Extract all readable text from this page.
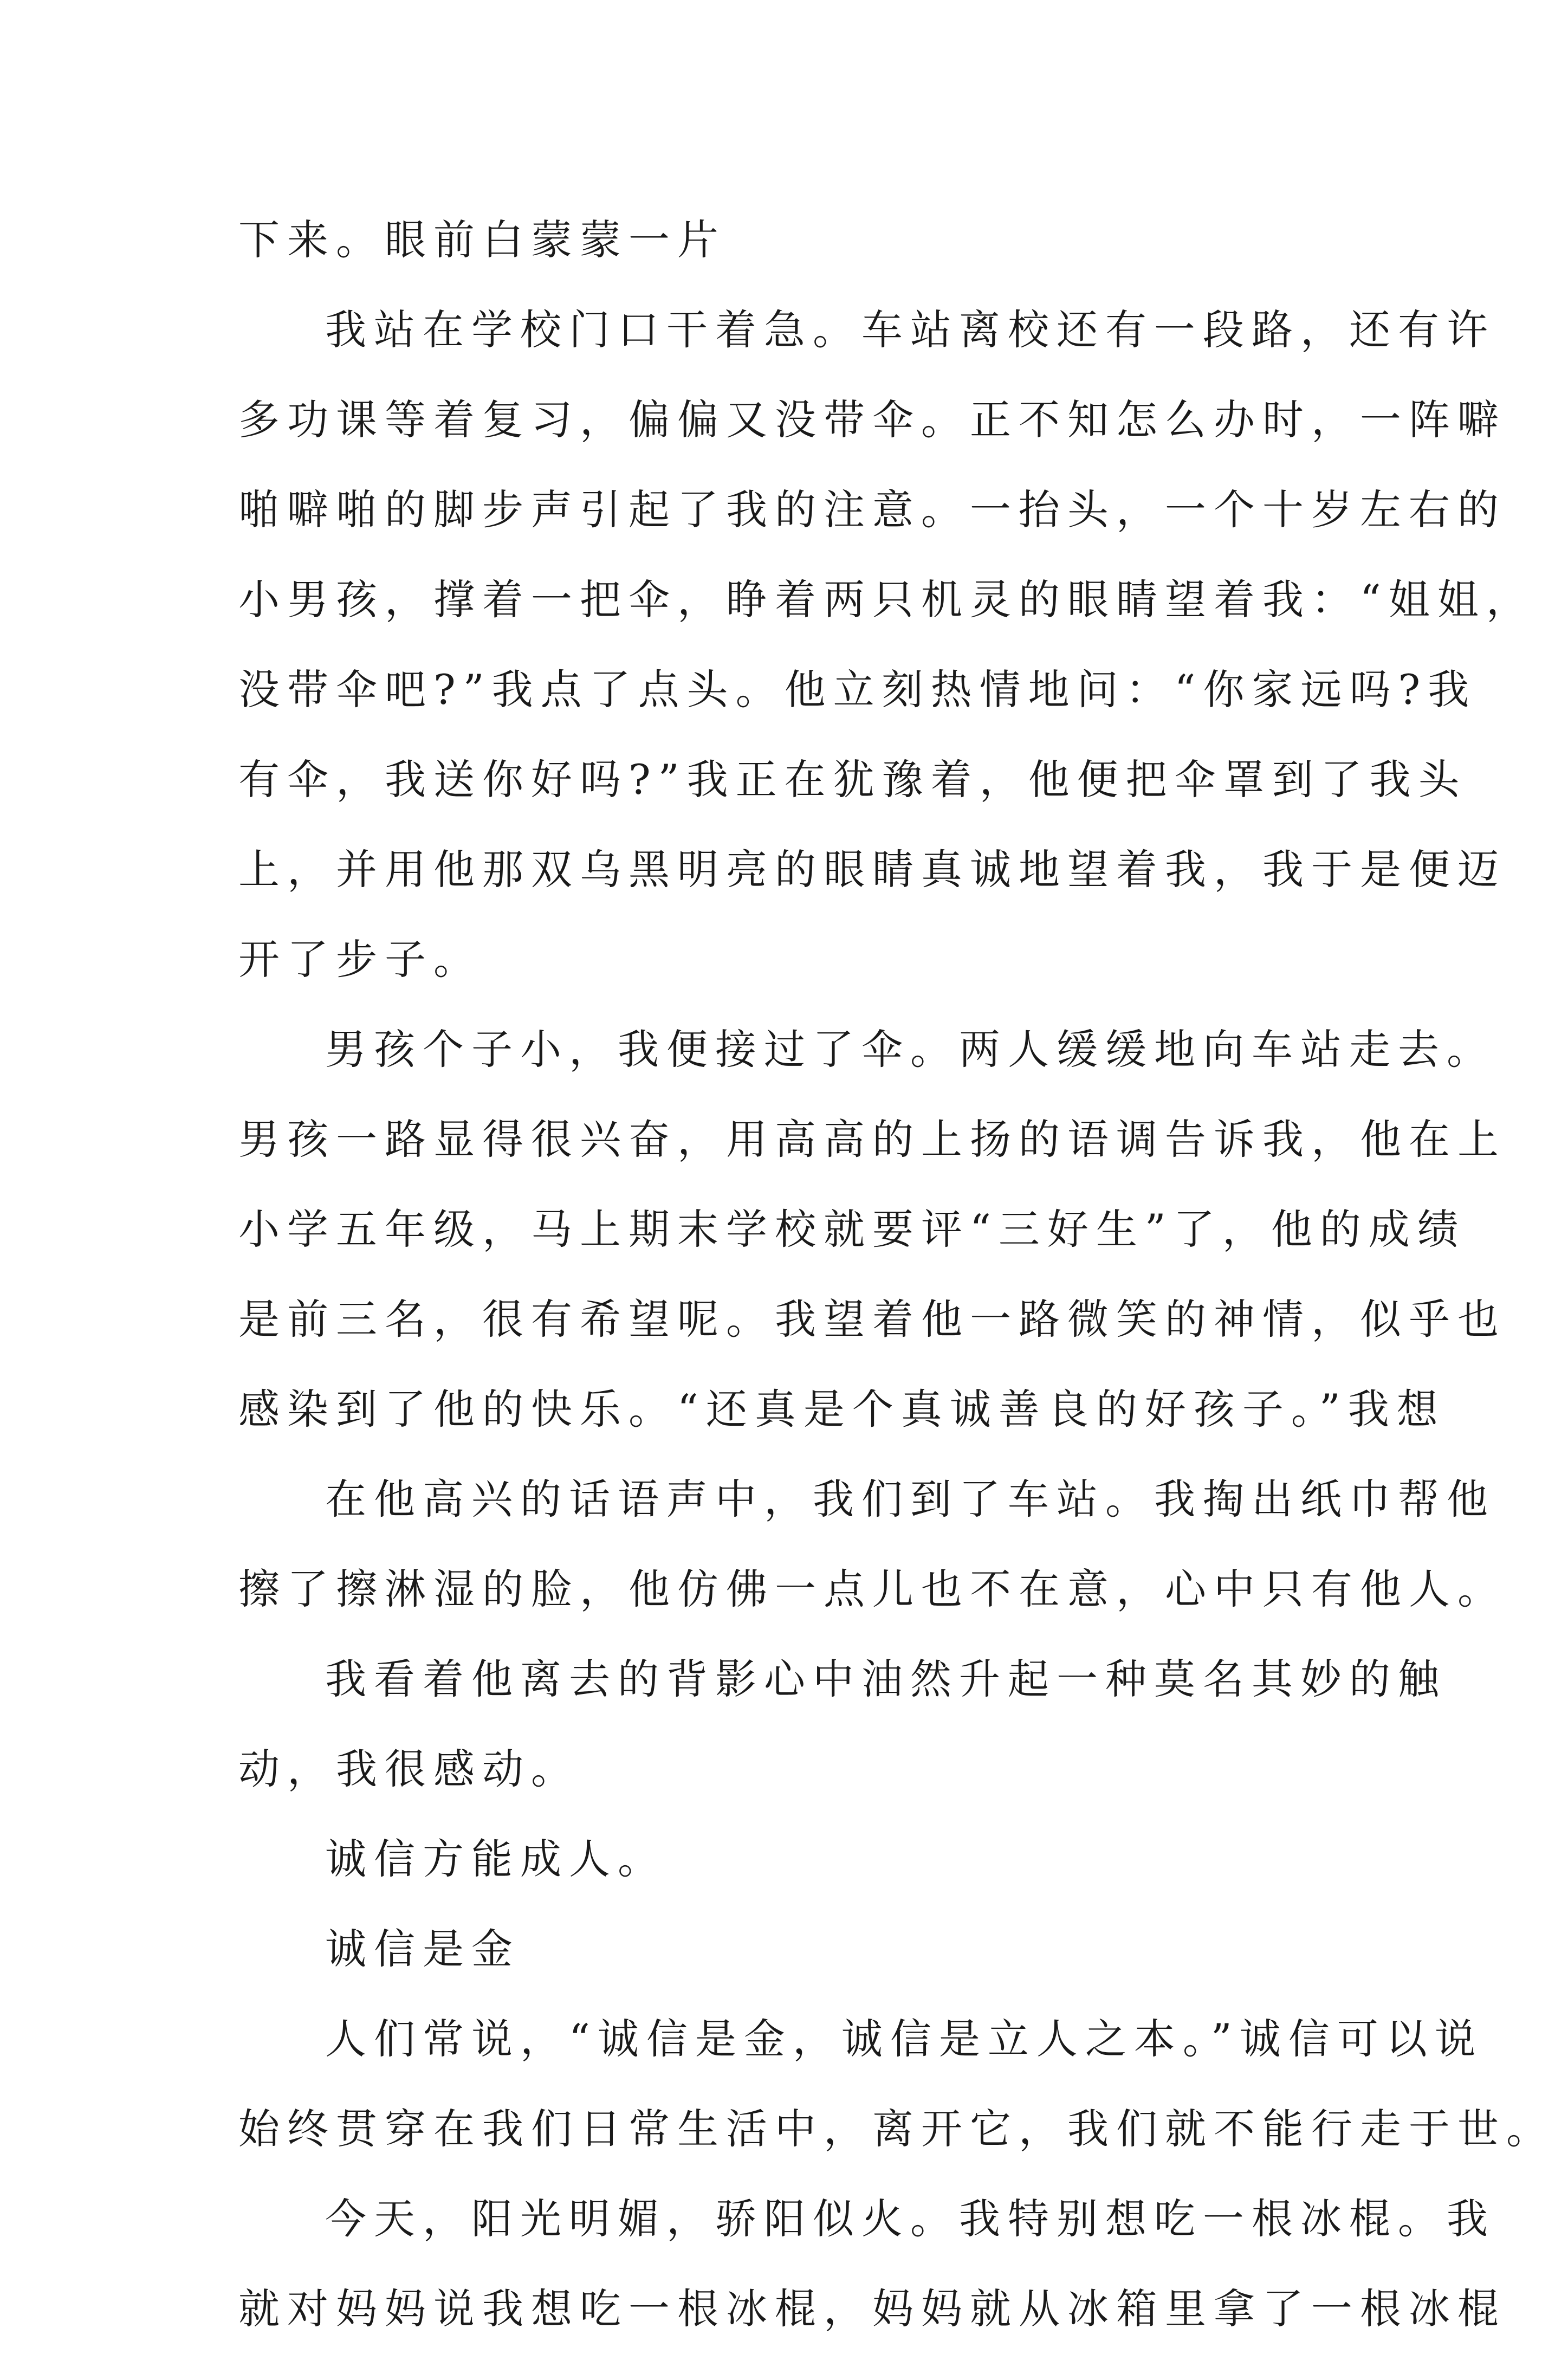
下来。眼前白蒙蒙一片
我站在学校门口干着急。车站离校还有一段路，还有许
多功课等着复习，偏偏又没带伞。正不知怎么办时，一阵噼
啪噼啪的脚步声引起了我的注意。一抬头，一个十岁左右的
小男孩，撑着一把伞，睁着两只机灵的眼睛望着我：“姐姐，
没带伞吧?”我点了点头。他立刻热情地问：“你家远吗?我
有伞，我送你好吗?”我正在犹豫着，他便把伞罩到了我头
上，并用他那双乌黑明亮的眼睛真诚地望着我，我于是便迈
开了步子。
男孩个子小，我便接过了伞。两人缓缓地向车站走去。
男孩一路显得很兴奋，用高高的上扬的语调告诉我，他在上
小学五年级，马上期末学校就要评“三好生”了，他的成绩
是前三名，很有希望呢。我望着他一路微笑的神情，似乎也
感染到了他的快乐。“还真是个真诚善良的好孩子。”我想
在他高兴的话语声中，我们到了车站。我掏出纸巾帮他
擦了擦淋湿的脸，他仿佛一点儿也不在意，心中只有他人。
我看着他离去的背影心中油然升起一种莫名其妙的触
动，我很感动。
诚信方能成人。
诚信是金
人们常说，“诚信是金，诚信是立人之本。”诚信可以说
始终贯穿在我们日常生活中，离开它，我们就不能行走于世。
今天，阳光明媚，骄阳似火。我特别想吃一根冰棍。我
就对妈妈说我想吃一根冰棍，妈妈就从冰箱里拿了一根冰棍
